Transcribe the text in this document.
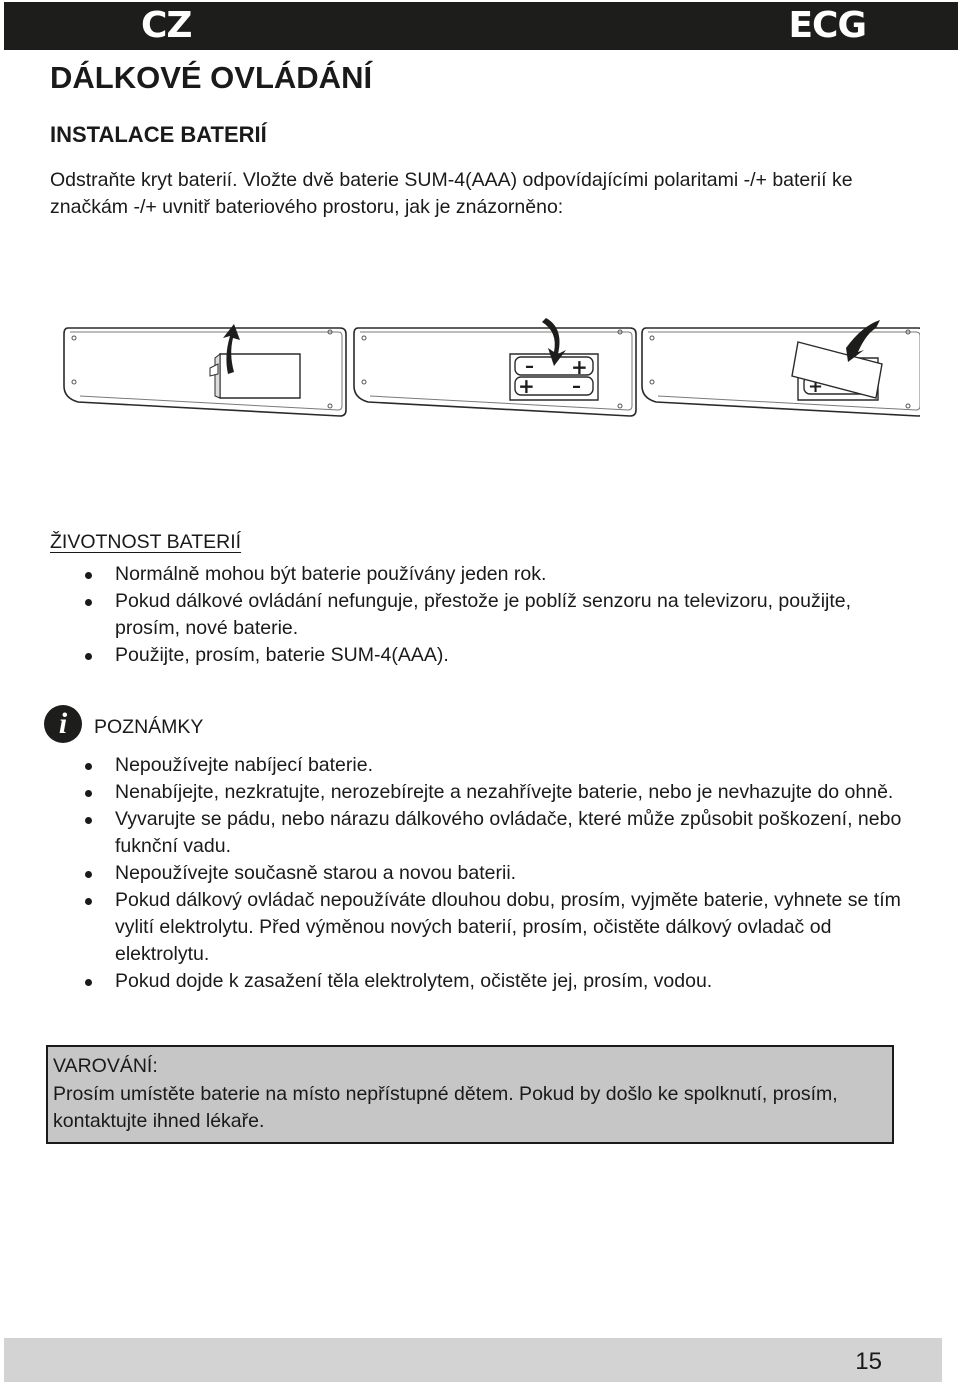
CZ	ECG
DÁLKOVÉ OVLÁDÁNÍ
INSTALACE BATERIÍ

Odstraňte kryt baterií. Vložte dvě baterie SUM-4(AAA) odpovídajícími polaritami -/+ baterií ke značkám -/+ uvnitř bateriového prostoru, jak je znázorněno:

– +
+ –	+
ŽIVOTNOST BATERIÍ
Normálně mohou být baterie používány jeden rok.
Pokud dálkové ovládání nefunguje, přestože je poblíž senzoru na televizoru, použijte, prosím, nové baterie.
Použijte, prosím, baterie SUM-4(AAA).
i	POZNÁMKY
Nepoužívejte nabíjecí baterie.
Nenabíjejte, nezkratujte, nerozebírejte a nezahřívejte baterie, nebo je nevhazujte do ohně.
Vyvarujte se pádu, nebo nárazu dálkového ovládače, které může způsobit poškození, nebo fuknční vadu.
Nepoužívejte současně starou a novou baterii.
Pokud dálkový ovládač nepoužíváte dlouhou dobu, prosím, vyjměte baterie, vyhnete se tím vylití elektrolytu. Před výměnou nových baterií, prosím, očistěte dálkový ovladač od elektrolytu.
Pokud dojde k zasažení těla elektrolytem, očistěte jej, prosím, vodou.
VAROVÁNÍ:

Prosím umístěte baterie na místo nepřístupné dětem. Pokud by došlo ke spolknutí, prosím, kontaktujte ihned lékaře.

15
